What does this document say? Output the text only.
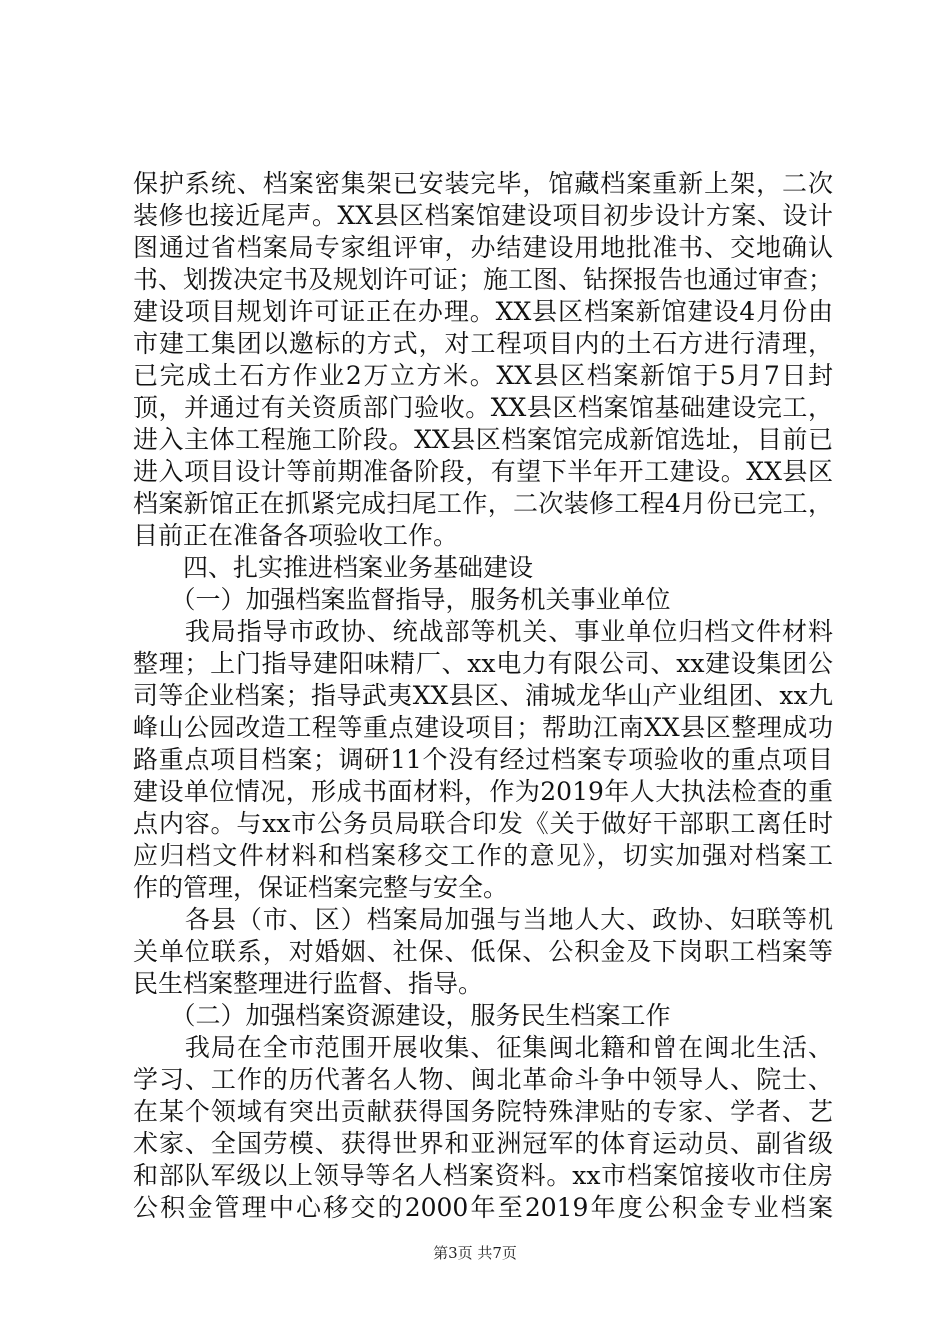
保护系统、档案密集架已安装完毕，馆藏档案重新上架，二次
装修也接近尾声。XX县区档案馆建设项目初步设计方案、设计
图通过省档案局专家组评审，办结建设用地批准书、交地确认
书、划拨决定书及规划许可证；施工图、钻探报告也通过审查；
建设项目规划许可证正在办理。XX县区档案新馆建设4月份由
市建工集团以邀标的方式，对工程项目内的土石方进行清理，
已完成土石方作业2万立方米。XX县区档案新馆于5月7日封
顶，并通过有关资质部门验收。XX县区档案馆基础建设完工，
进入主体工程施工阶段。XX县区档案馆完成新馆选址，目前已
进入项目设计等前期准备阶段，有望下半年开工建设。XX县区
档案新馆正在抓紧完成扫尾工作，二次装修工程4月份已完工，
目前正在准备各项验收工作。
　　四、扎实推进档案业务基础建设
　　（一）加强档案监督指导，服务机关事业单位
　　我局指导市政协、统战部等机关、事业单位归档文件材料
整理；上门指导建阳味精厂、xx电力有限公司、xx建设集团公
司等企业档案；指导武夷XX县区、浦城龙华山产业组团、xx九
峰山公园改造工程等重点建设项目；帮助江南XX县区整理成功
路重点项目档案；调研11个没有经过档案专项验收的重点项目
建设单位情况，形成书面材料，作为2019年人大执法检查的重
点内容。与xx市公务员局联合印发《关于做好干部职工离任时
应归档文件材料和档案移交工作的意见》，切实加强对档案工
作的管理，保证档案完整与安全。
　　各县（市、区）档案局加强与当地人大、政协、妇联等机
关单位联系，对婚姻、社保、低保、公积金及下岗职工档案等
民生档案整理进行监督、指导。
　　（二）加强档案资源建设，服务民生档案工作
　　我局在全市范围开展收集、征集闽北籍和曾在闽北生活、
学习、工作的历代著名人物、闽北革命斗争中领导人、院士、
在某个领域有突出贡献获得国务院特殊津贴的专家、学者、艺
术家、全国劳模、获得世界和亚洲冠军的体育运动员、副省级
和部队军级以上领导等名人档案资料。xx市档案馆接收市住房
公积金管理中心移交的2000年至2019年度公积金专业档案
第3页 共7页
